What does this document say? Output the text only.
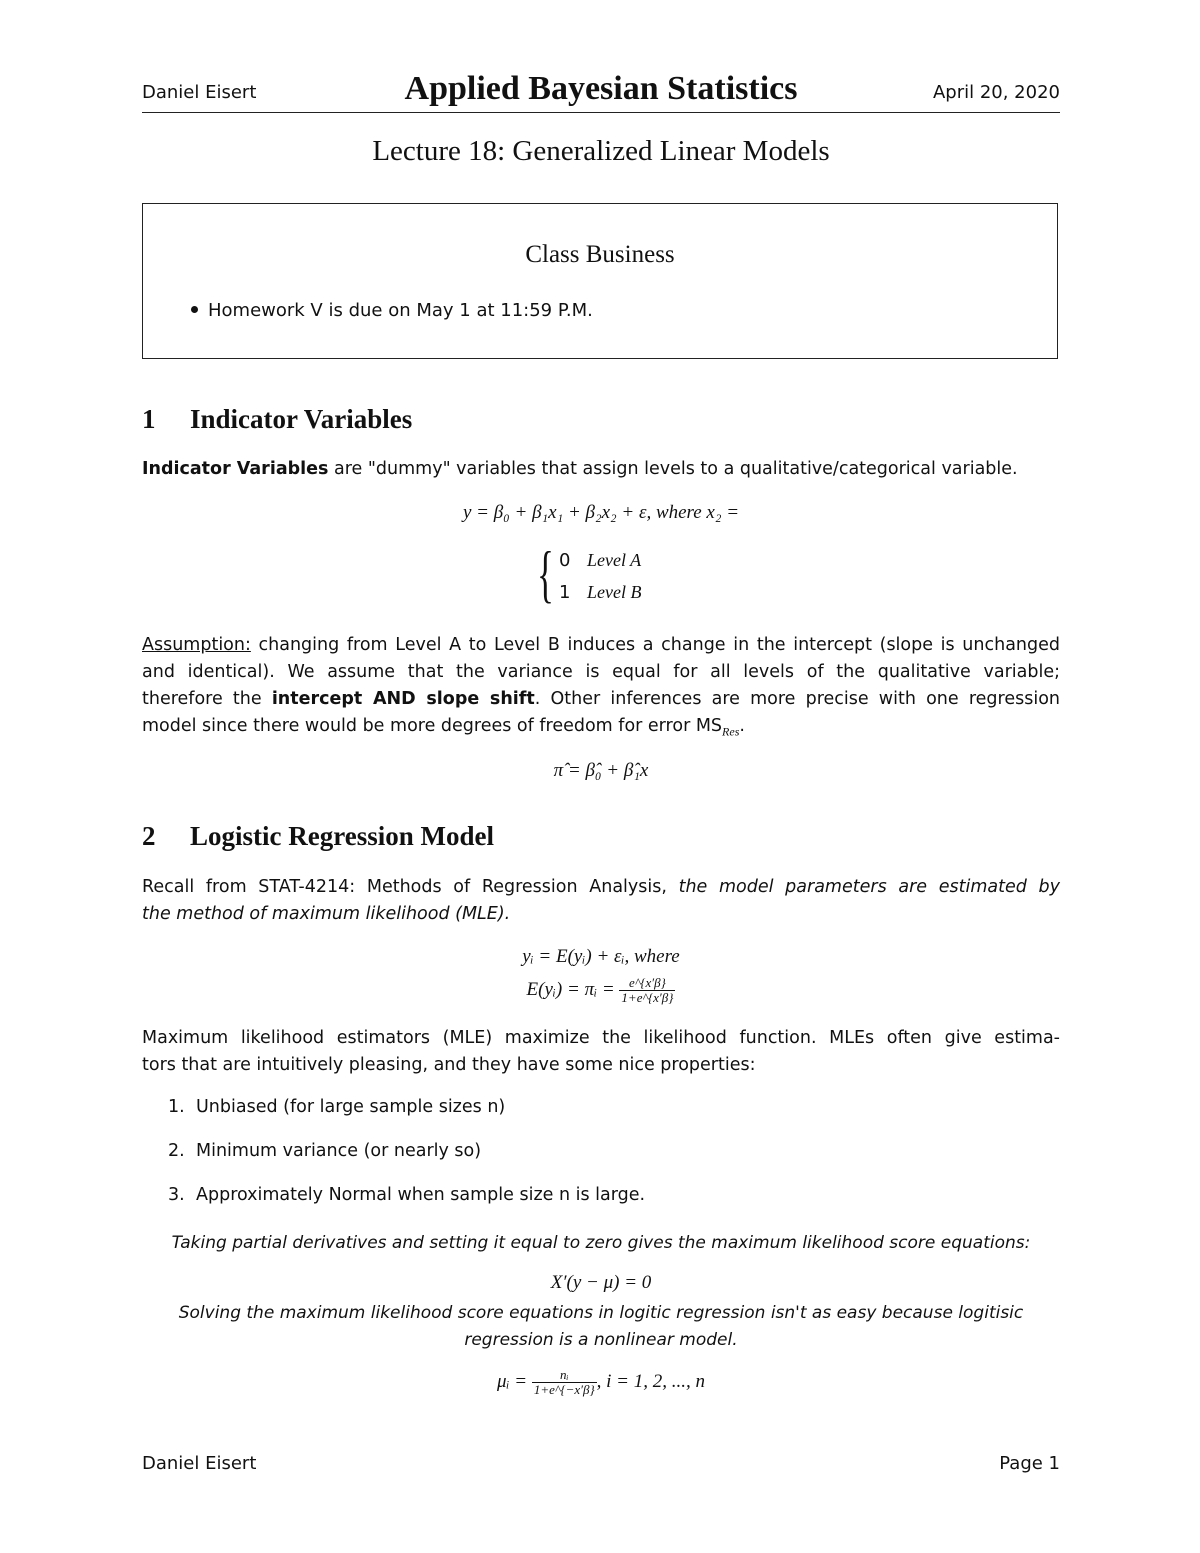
Daniel Eisert	Applied Bayesian Statistics	April 20, 2020
Lecture 18: Generalized Linear Models
Class Business
Homework V is due on May 1 at 11:59 P.M.
1 Indicator Variables
Indicator Variables are "dummy" variables that assign levels to a qualitative/categorical variable.
y = β₀ + β₁x₁ + β₂x₂ + ε, where x₂ =
{ 0 Level A
1 Level B
Assumption: changing from Level A to Level B induces a change in the intercept (slope is unchanged
and identical). We assume that the variance is equal for all levels of the qualitative variable;
therefore the intercept AND slope shift. Other inferences are more precise with one regression
model since there would be more degrees of freedom for error $MS_{Res}$.
π̂ = β̂₀ + β̂₁x
2 Logistic Regression Model
Recall from STAT-4214: Methods of Regression Analysis, the model parameters are estimated by
the method of maximum likelihood (MLE).
yᵢ = E(yᵢ) + εᵢ, where
E(yᵢ) = πᵢ = $\frac{e\^{}\{x'\beta\}}{1+e\^{}\{x'\beta\}}$
Maximum likelihood estimators (MLE) maximize the likelihood function. MLEs often give estima-
tors that are intuitively pleasing, and they have some nice properties:
1. Unbiased (for large sample sizes n)
2. Minimum variance (or nearly so)
3. Approximately Normal when sample size n is large.
Taking partial derivatives and setting it equal to zero gives the maximum likelihood score equations:
X′(y − μ) = 0
Solving the maximum likelihood score equations in logitic regression isn't as easy because logitisic
regression is a nonlinear model.
μᵢ = $\frac{\text{nᵢ}}{1+e\^{}\{-x'\beta\}}$ , i = 1, 2, ..., n
Daniel Eisert	Page 1
